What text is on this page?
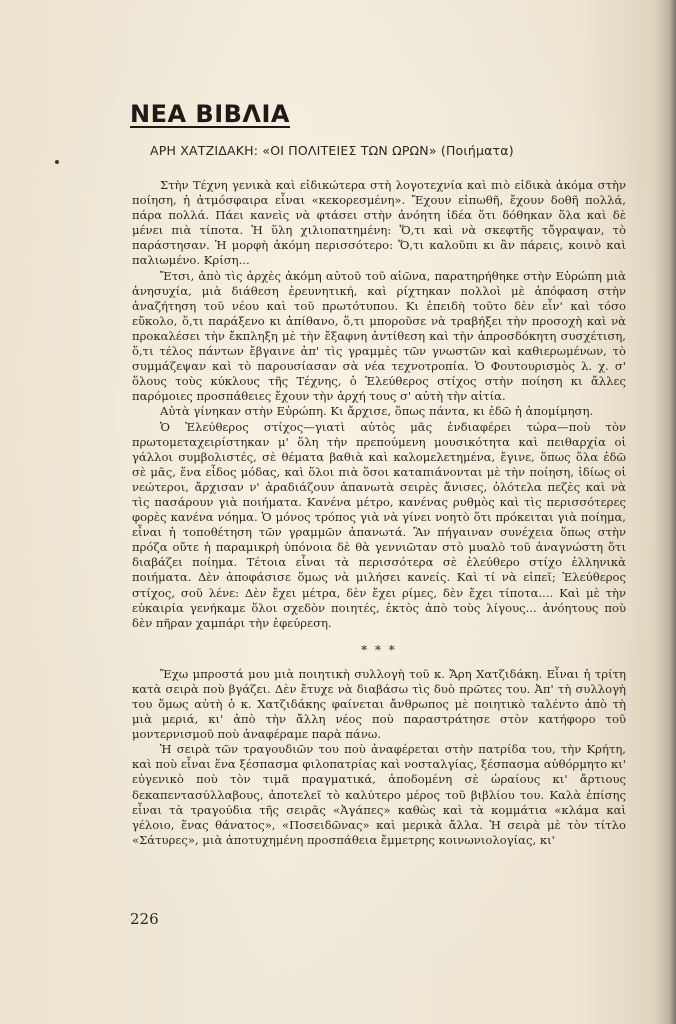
ΝΕΑ ΒΙΒΛΙΑ
ΑΡΗ ΧΑΤΖΙΔΑΚΗ: «ΟΙ ΠΟΛΙΤΕΙΕΣ ΤΩΝ ΩΡΩΝ» (Ποιήματα)

Στὴν Τέχνη γενικὰ καὶ εἰδικώτερα στὴ λογοτεχνία καὶ πιὸ εἰδικὰ ἀκόμα στὴν ποίηση, ἡ ἀτμόσφαιρα εἶναι «κεκορεσμένη». Ἔχουν εἰπωθῆ, ἔχουν δοθῆ πολλά, πάρα πολλά. Πάει κανεὶς νὰ φτάσει στὴν ἀνόητη ἰδέα ὅτι δόθηκαν ὅλα καὶ δὲ μένει πιὰ τίποτα. Ἡ ὕλη χιλιοπατημένη: Ὅ,τι καὶ νὰ σκεφτῆς τὄγραψαν, τὸ παράστησαν. Ἡ μορφὴ ἀκόμη περισσότερο: Ὅ,τι καλοῦπι κι ἂν πάρεις, κοινὸ καὶ παλιωμένο. Κρίση...

Ἔτσι, ἀπὸ τὶς ἀρχὲς ἀκόμη αὐτοῦ τοῦ αἰῶνα, παρατηρήθηκε στὴν Εὐρώπη μιὰ ἀνησυχία, μιὰ διάθεση ἐρευνητική, καὶ ρίχτηκαν πολλοὶ μὲ ἀπόφαση στὴν ἀναζήτηση τοῦ νέου καὶ τοῦ πρωτότυπου. Κι ἐπειδὴ τοῦτο δὲν εἶν' καὶ τόσο εὔκολο, ὅ,τι παράξενο κι ἀπίθανο, ὅ,τι μποροῦσε νὰ τραβήξει τὴν προσοχὴ καὶ νὰ προκαλέσει τὴν ἔκπληξη μὲ τὴν ἔξαφνη ἀντίθεση καὶ τὴν ἀπροσδόκητη συσχέτιση, ὅ,τι τέλος πάντων ἔβγαινε ἀπ' τὶς γραμμὲς τῶν γνωστῶν καὶ καθιερωμένων, τὸ συμμάζεψαν καὶ τὸ παρουσίασαν σὰ νέα τεχνοτροπία. Ὁ Φουτουρισμὸς λ. χ. σ' ὅλους τοὺς κύκλους τῆς Τέχνης, ὁ Ἐλεύθερος στίχος στὴν ποίηση κι ἄλλες παρόμοιες προσπάθειες ἔχουν τὴν ἀρχή τους σ' αὐτὴ τὴν αἰτία.

Αὐτὰ γίνηκαν στὴν Εὐρώπη. Κι ἄρχισε, ὅπως πάντα, κι ἐδῶ ἡ ἀπομίμηση.

Ὁ Ἐλεύθερος στίχος—γιατὶ αὐτὸς μᾶς ἐνδιαφέρει τώρα—ποὺ τὸν πρωτομεταχειρίστηκαν μ' ὅλη τὴν πρεπούμενη μουσικότητα καὶ πειθαρχία οἱ γάλλοι συμβολιστές, σὲ θέματα βαθιὰ καὶ καλομελετημένα, ἔγινε, ὅπως ὅλα ἐδῶ σὲ μᾶς, ἕνα εἶδος μόδας, καὶ ὅλοι πιὰ ὅσοι καταπιάνονται μὲ τὴν ποίηση, ἰδίως οἱ νεώτεροι, ἄρχισαν ν' ἀραδιάζουν ἀπανωτὰ σειρὲς ἄνισες, ὁλότελα πεζὲς καὶ νὰ τὶς πασάρουν γιὰ ποιήματα. Κανένα μέτρο, κανένας ρυθμὸς καὶ τὶς περισσότερες φορὲς κανένα νόημα. Ὁ μόνος τρόπος γιὰ νὰ γίνει νοητὸ ὅτι πρόκειται γιὰ ποίημα, εἶναι ἡ τοποθέτηση τῶν γραμμῶν ἀπανωτά. Ἂν πήγαιναν συνέχεια ὅπως στὴν πρόζα οὔτε ἡ παραμικρὴ ὑπόνοια δὲ θὰ γεννιῶταν στὸ μυαλὸ τοῦ ἀναγνώστη ὅτι διαβάζει ποίημα. Τέτοια εἶναι τὰ περισσότερα σὲ ἐλεύθερο στίχο ἑλληνικὰ ποιήματα. Δὲν ἀποφάσισε ὅμως νὰ μιλήσει κανείς. Καὶ τί νὰ εἰπεῖ; Ἐλεύθερος στίχος, σοῦ λένε: Δὲν ἔχει μέτρα, δὲν ἔχει ρίμες, δὲν ἔχει τίποτα.... Καὶ μὲ τὴν εὐκαιρία γενήκαμε ὅλοι σχεδὸν ποιητές, ἐκτὸς ἀπὸ τοὺς λίγους... ἀνόητους ποὺ δὲν πῆραν χαμπάρι τὴν ἐφεύρεση.

* * *

Ἔχω μπροστά μου μιὰ ποιητικὴ συλλογὴ τοῦ κ. Ἄρη Χατζιδάκη. Εἶναι ἡ τρίτη κατὰ σειρὰ ποὺ βγάζει. Δὲν ἔτυχε νὰ διαβάσω τὶς δυὸ πρῶτες του. Ἀπ' τὴ συλλογὴ του ὅμως αὐτὴ ὁ κ. Χατζιδάκης φαίνεται ἄνθρωπος μὲ ποιητικὸ ταλέντο ἀπὸ τὴ μιὰ μεριά, κι' ἀπὸ τὴν ἄλλη νέος ποὺ παραστράτησε στὸν κατήφορο τοῦ μοντερνισμοῦ ποὺ ἀναφέραμε παρὰ πάνω.

Ἡ σειρὰ τῶν τραγουδιῶν του ποὺ ἀναφέρεται στὴν πατρίδα του, τὴν Κρήτη, καὶ ποὺ εἶναι ἕνα ξέσπασμα φιλοπατρίας καὶ νοσταλγίας, ξέσπασμα αὐθόρμητο κι' εὐγενικὸ ποὺ τὸν τιμᾶ πραγματικά, ἀποδομένη σὲ ὡραίους κι' ἄρτιους δεκαπεντασύλλαβους, ἀποτελεῖ τὸ καλύτερο μέρος τοῦ βιβλίου του. Καλὰ ἐπίσης εἶναι τὰ τραγούδια τῆς σειρᾶς «Ἀγάπες» καθὼς καὶ τὰ κομμάτια «κλάμα καὶ γέλοιο, ἕνας θάνατος», «Ποσειδῶνας» καὶ μερικὰ ἄλλα. Ἡ σειρὰ μὲ τὸν τίτλο «Σάτυρες», μιὰ ἀποτυχημένη προσπάθεια ἔμμετρης κοινωνιολογίας, κι'

226
